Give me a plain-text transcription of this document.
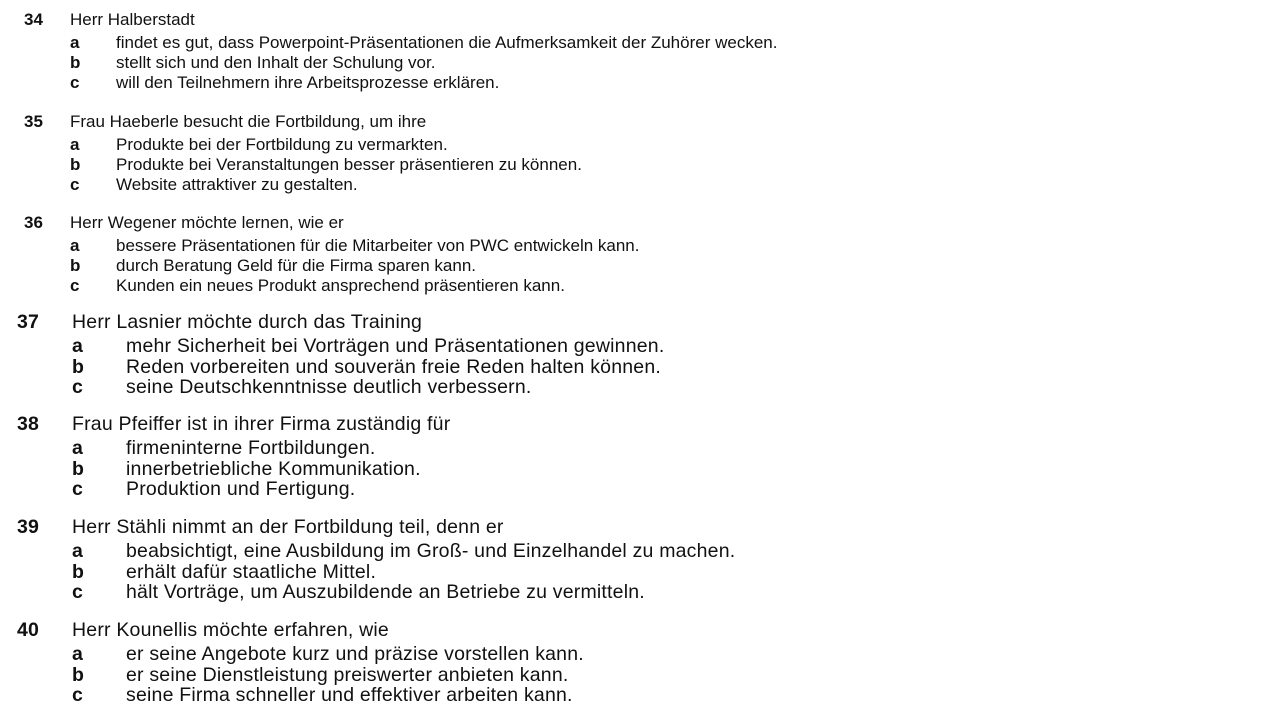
34 Herr Halberstadt
a findet es gut, dass Powerpoint-Präsentationen die Aufmerksamkeit der Zuhörer wecken.
b stellt sich und den Inhalt der Schulung vor.
c will den Teilnehmern ihre Arbeitsprozesse erklären.
35 Frau Haeberle besucht die Fortbildung, um ihre
a Produkte bei der Fortbildung zu vermarkten.
b Produkte bei Veranstaltungen besser präsentieren zu können.
c Website attraktiver zu gestalten.
36 Herr Wegener möchte lernen, wie er
a bessere Präsentationen für die Mitarbeiter von PWC entwickeln kann.
b durch Beratung Geld für die Firma sparen kann.
c Kunden ein neues Produkt ansprechend präsentieren kann.
37 Herr Lasnier möchte durch das Training
a mehr Sicherheit bei Vorträgen und Präsentationen gewinnen.
b Reden vorbereiten und souverän freie Reden halten können.
c seine Deutschkenntnisse deutlich verbessern.
38 Frau Pfeiffer ist in ihrer Firma zuständig für
a firmeninterne Fortbildungen.
b innerbetriebliche Kommunikation.
c Produktion und Fertigung.
39 Herr Stähli nimmt an der Fortbildung teil, denn er
a beabsichtigt, eine Ausbildung im Groß- und Einzelhandel zu machen.
b erhält dafür staatliche Mittel.
c hält Vorträge, um Auszubildende an Betriebe zu vermitteln.
40 Herr Kounellis möchte erfahren, wie
a er seine Angebote kurz und präzise vorstellen kann.
b er seine Dienstleistung preiswerter anbieten kann.
c seine Firma schneller und effektiver arbeiten kann.
